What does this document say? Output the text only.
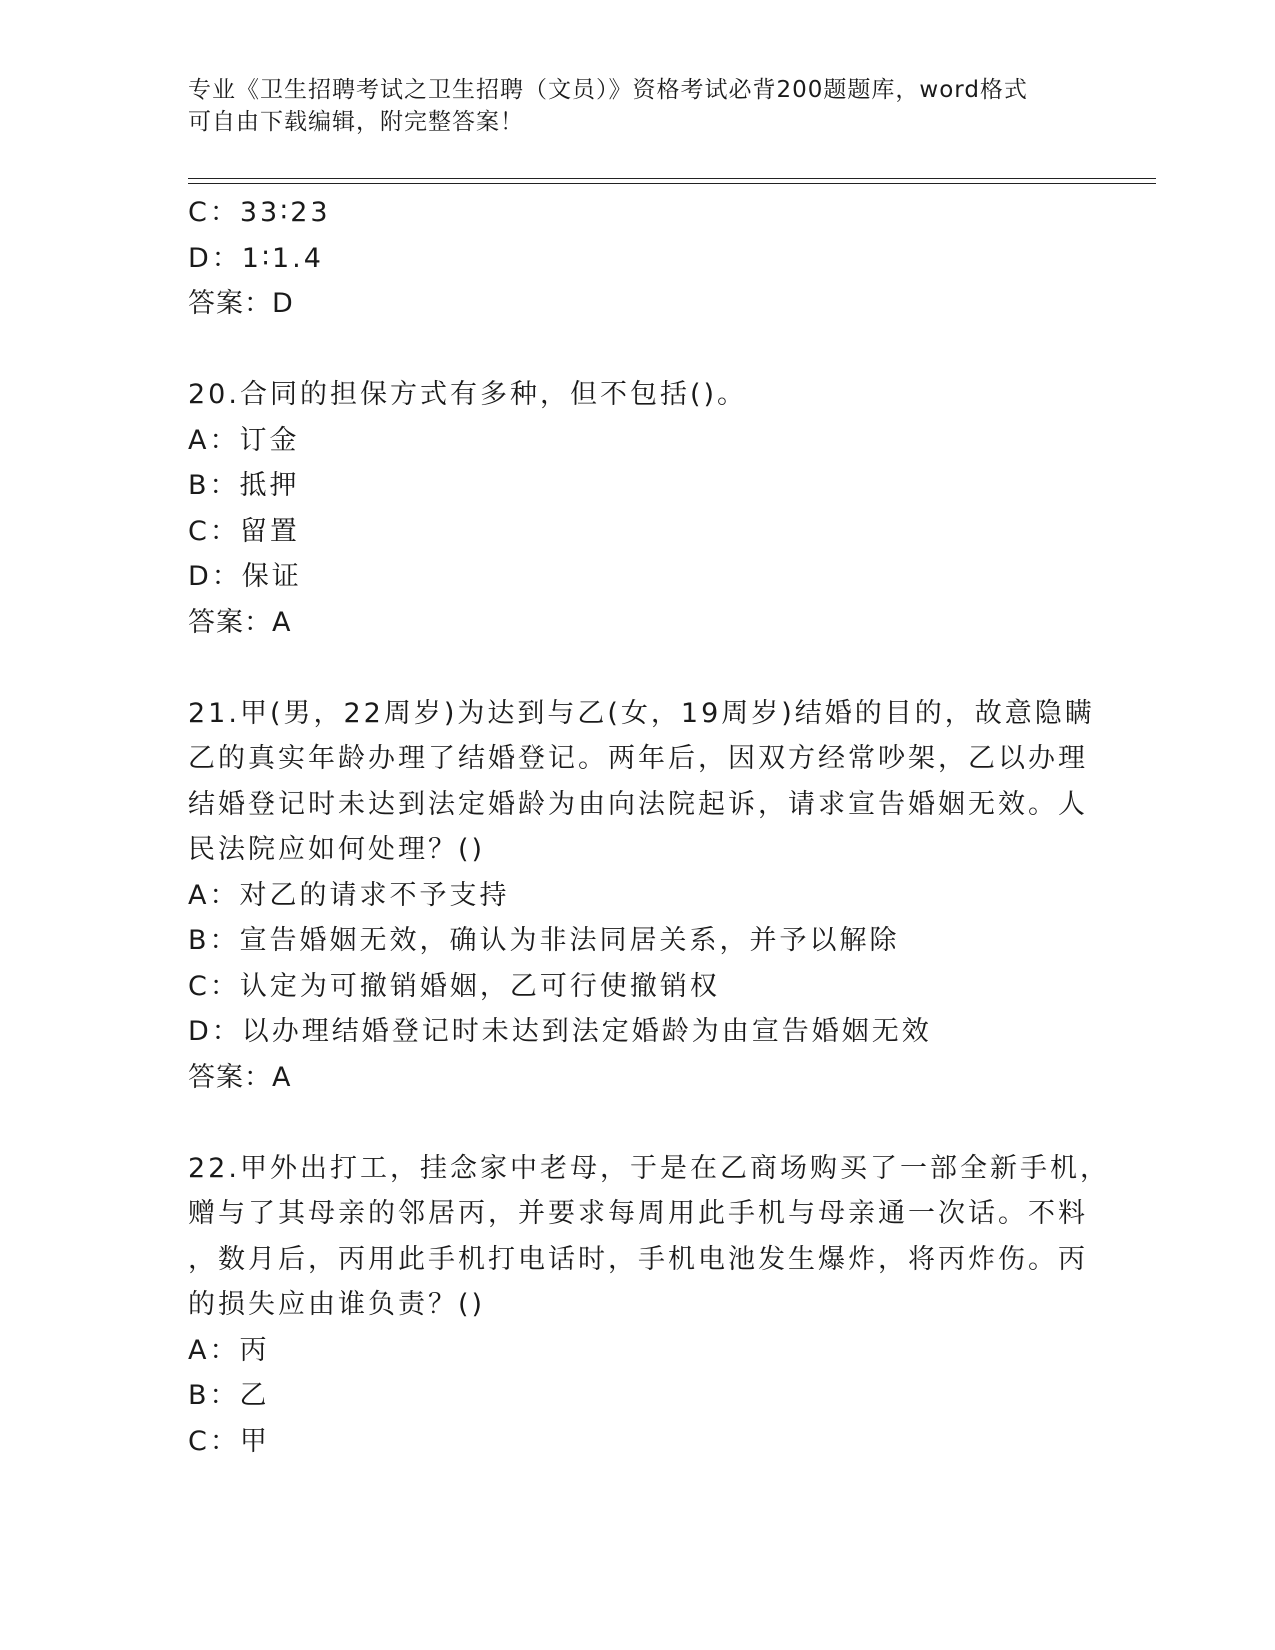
专业《卫生招聘考试之卫生招聘（文员）》资格考试必背200题题库，word格式
可自由下载编辑，附完整答案！
C：33∶23
D：1∶1.4
答案：D
20.合同的担保方式有多种，但不包括()。
A：订金
B：抵押
C：留置
D：保证
答案：A
21.甲(男，22周岁)为达到与乙(女，19周岁)结婚的目的，故意隐瞒
乙的真实年龄办理了结婚登记。两年后，因双方经常吵架，乙以办理
结婚登记时未达到法定婚龄为由向法院起诉，请求宣告婚姻无效。人
民法院应如何处理？()
A：对乙的请求不予支持
B：宣告婚姻无效，确认为非法同居关系，并予以解除
C：认定为可撤销婚姻，乙可行使撤销权
D：以办理结婚登记时未达到法定婚龄为由宣告婚姻无效
答案：A
22.甲外出打工，挂念家中老母，于是在乙商场购买了一部全新手机，
赠与了其母亲的邻居丙，并要求每周用此手机与母亲通一次话。不料
，数月后，丙用此手机打电话时，手机电池发生爆炸，将丙炸伤。丙
的损失应由谁负责？()
A：丙
B：乙
C：甲
